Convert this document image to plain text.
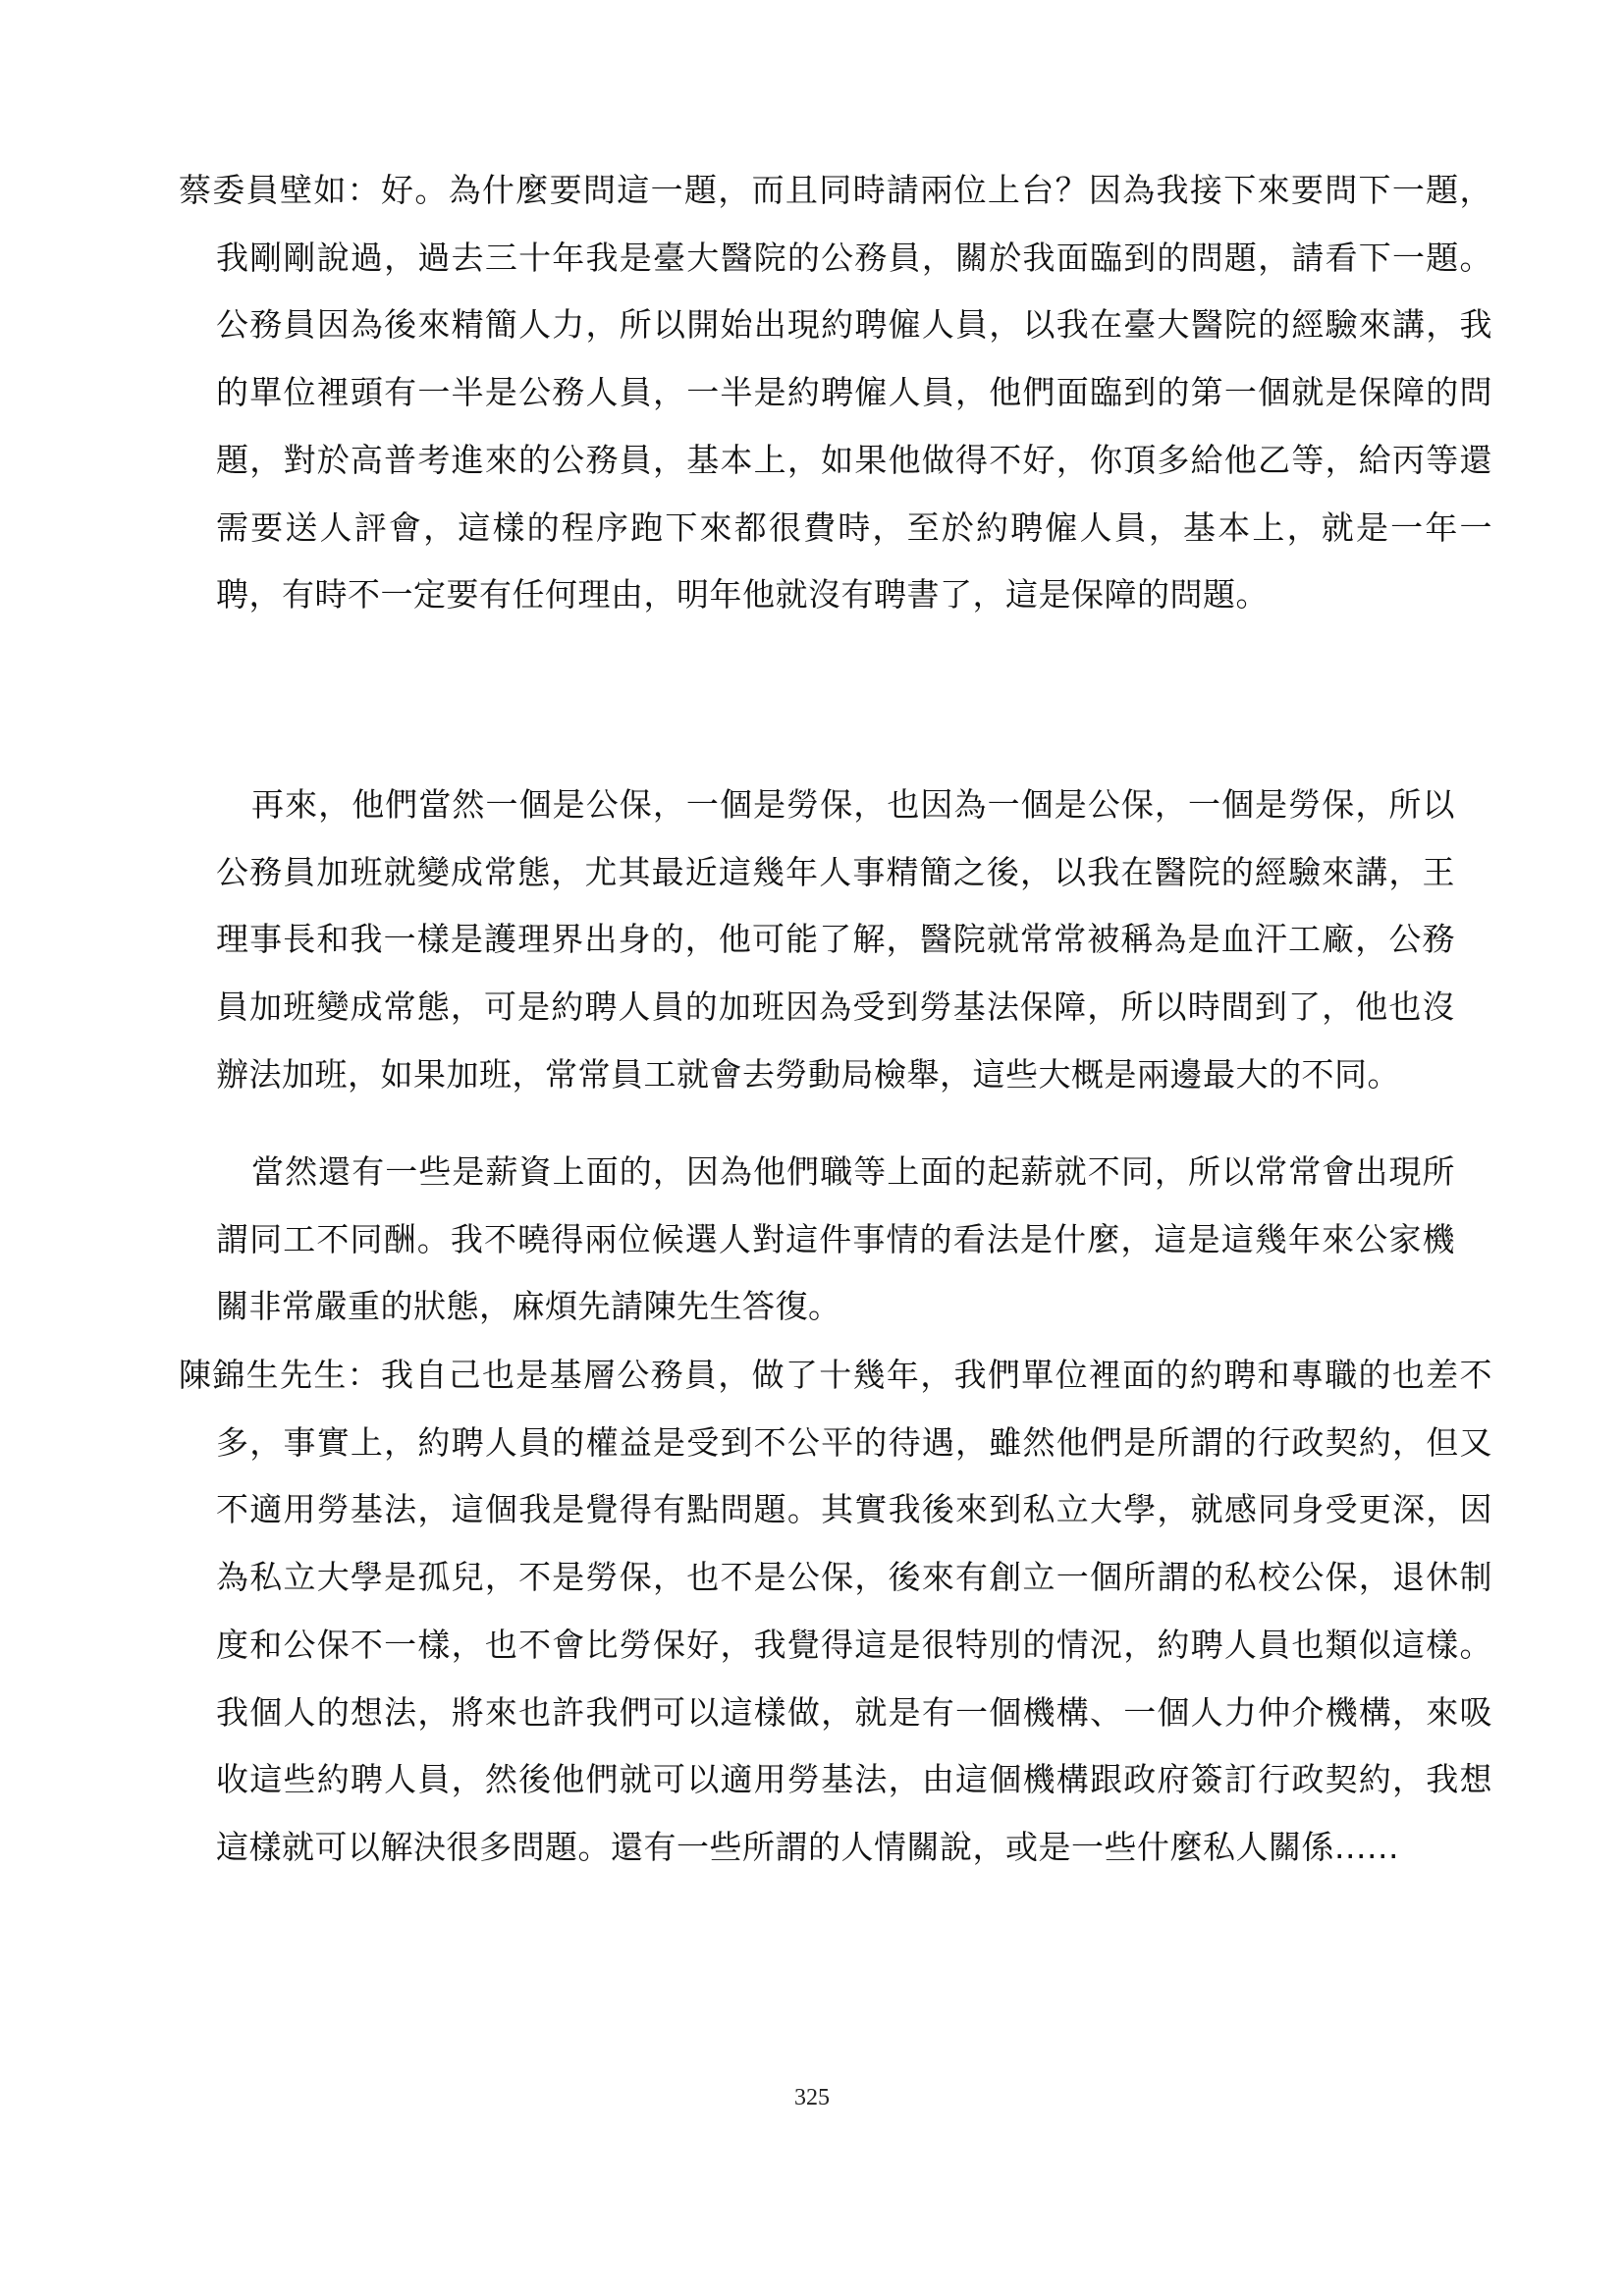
蔡委員壁如：好。為什麼要問這一題，而且同時請兩位上台？因為我接下來要問下一題，我剛剛說過，過去三十年我是臺大醫院的公務員，關於我面臨到的問題，請看下一題。公務員因為後來精簡人力，所以開始出現約聘僱人員，以我在臺大醫院的經驗來講，我的單位裡頭有一半是公務人員，一半是約聘僱人員，他們面臨到的第一個就是保障的問題，對於高普考進來的公務員，基本上，如果他做得不好，你頂多給他乙等，給丙等還需要送人評會，這樣的程序跑下來都很費時，至於約聘僱人員，基本上，就是一年一聘，有時不一定要有任何理由，明年他就沒有聘書了，這是保障的問題。

再來，他們當然一個是公保，一個是勞保，也因為一個是公保，一個是勞保，所以公務員加班就變成常態，尤其最近這幾年人事精簡之後，以我在醫院的經驗來講，王理事長和我一樣是護理界出身的，他可能了解，醫院就常常被稱為是血汗工廠，公務員加班變成常態，可是約聘人員的加班因為受到勞基法保障，所以時間到了，他也沒辦法加班，如果加班，常常員工就會去勞動局檢舉，這些大概是兩邊最大的不同。

當然還有一些是薪資上面的，因為他們職等上面的起薪就不同，所以常常會出現所謂同工不同酬。我不曉得兩位候選人對這件事情的看法是什麼，這是這幾年來公家機關非常嚴重的狀態，麻煩先請陳先生答復。

陳錦生先生：我自己也是基層公務員，做了十幾年，我們單位裡面的約聘和專職的也差不多，事實上，約聘人員的權益是受到不公平的待遇，雖然他們是所謂的行政契約，但又不適用勞基法，這個我是覺得有點問題。其實我後來到私立大學，就感同身受更深，因為私立大學是孤兒，不是勞保，也不是公保，後來有創立一個所謂的私校公保，退休制度和公保不一樣，也不會比勞保好，我覺得這是很特別的情況，約聘人員也類似這樣。我個人的想法，將來也許我們可以這樣做，就是有一個機構、一個人力仲介機構，來吸收這些約聘人員，然後他們就可以適用勞基法，由這個機構跟政府簽訂行政契約，我想這樣就可以解決很多問題。還有一些所謂的人情關說，或是一些什麼私人關係......

325
